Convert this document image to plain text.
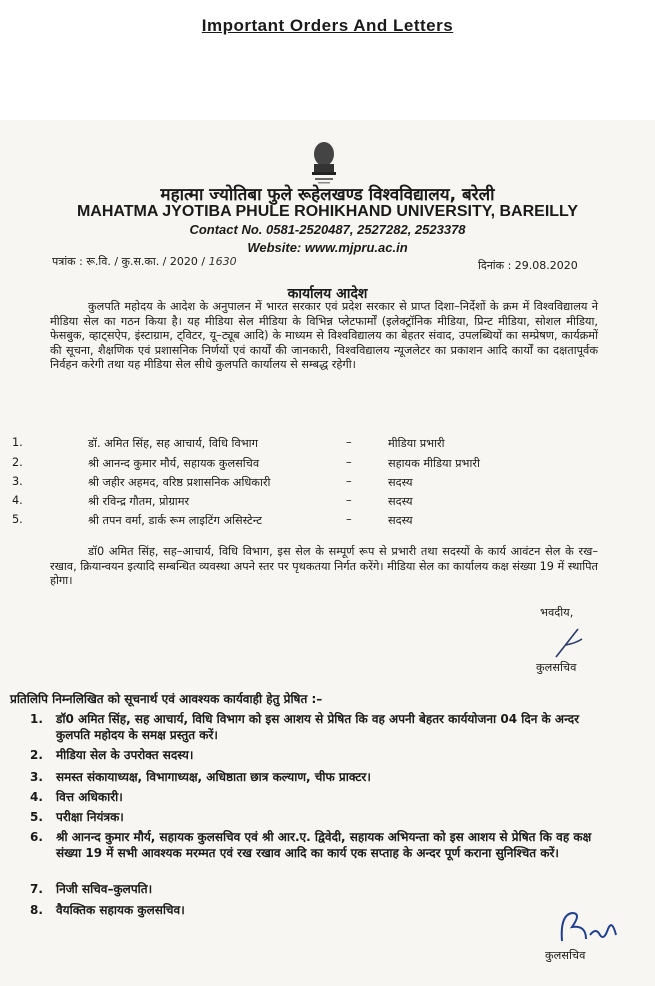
Important Orders And Letters
महात्मा ज्योतिबा फुले रूहेलखण्ड विश्वविद्यालय, बरेली
MAHATMA JYOTIBA PHULE ROHIKHAND UNIVERSITY, BAREILLY
Contact No. 0581-2520487, 2527282, 2523378
Website: www.mjpru.ac.in
पत्रांक : रू.वि. / कु.स.का. / 2020 / 1630	दिनांक : 29.08.2020
कार्यालय आदेश
कुलपति महोदय के आदेश के अनुपालन में भारत सरकार एवं प्रदेश सरकार से प्राप्त दिशा–निर्देशों के क्रम में विश्वविद्यालय ने मीडिया सेल का गठन किया है। यह मीडिया सेल मीडिया के विभिन्न प्लेटफार्मों (इलेक्ट्रॉनिक मीडिया, प्रिन्ट मीडिया, सोशल मीडिया, फेसबुक, व्हाट्सऐप, इंस्टाग्राम, ट्विटर, यू–ट्यूब आदि) के माध्यम से विश्वविद्यालय का बेहतर संवाद, उपलब्धियों का सम्प्रेषण, कार्यक्रमों की सूचना, शैक्षणिक एवं प्रशासनिक निर्णयों एवं कार्यों की जानकारी, विश्वविद्यालय न्यूजलेटर का प्रकाशन आदि कार्यों का दक्षतापूर्वक निर्वहन करेगी तथा यह मीडिया सेल सीधे कुलपति कार्यालय से सम्बद्ध रहेगी।
1.	डॉ. अमित सिंह, सह आचार्य, विधि विभाग	–	मीडिया प्रभारी
2.	श्री आनन्द कुमार मौर्य, सहायक कुलसचिव	–	सहायक मीडिया प्रभारी
3.	श्री जहीर अहमद, वरिष्ठ प्रशासनिक अधिकारी	–	सदस्य
4.	श्री रविन्द्र गौतम, प्रोग्रामर	–	सदस्य
5.	श्री तपन वर्मा, डार्क रूम लाइटिंग असिस्टेन्ट	–	सदस्य
डॉ0 अमित सिंह, सह–आचार्य, विधि विभाग, इस सेल के सम्पूर्ण रूप से प्रभारी तथा सदस्यों के कार्य आवंटन सेल के रख–रखाव, क्रियान्वयन इत्यादि सम्बन्धित व्यवस्था अपने स्तर पर पृथकतया निर्गत करेंगे। मीडिया सेल का कार्यालय कक्ष संख्या 19 में स्थापित होगा।
भवदीय,
कुलसचिव
प्रतिलिपि निम्नलिखित को सूचनार्थ एवं आवश्यक कार्यवाही हेतु प्रेषित :–
1. डॉ0 अमित सिंह, सह आचार्य, विधि विभाग को इस आशय से प्रेषित कि वह अपनी बेहतर कार्ययोजना 04 दिन के अन्दर कुलपति महोदय के समक्ष प्रस्तुत करें।
2. मीडिया सेल के उपरोक्त सदस्य।
3. समस्त संकायाध्यक्ष, विभागाध्यक्ष, अधिष्ठाता छात्र कल्याण, चीफ प्राक्टर।
4. वित्त अधिकारी।
5. परीक्षा नियंत्रक।
6. श्री आनन्द कुमार मौर्य, सहायक कुलसचिव एवं श्री आर.ए. द्विवेदी, सहायक अभियन्ता को इस आशय से प्रेषित कि वह कक्ष संख्या 19 में सभी आवश्यक मरम्मत एवं रख रखाव आदि का कार्य एक सप्ताह के अन्दर पूर्ण कराना सुनिश्चित करें।
7. निजी सचिव–कुलपति।
8. वैयक्तिक सहायक कुलसचिव।
कुलसचिव
